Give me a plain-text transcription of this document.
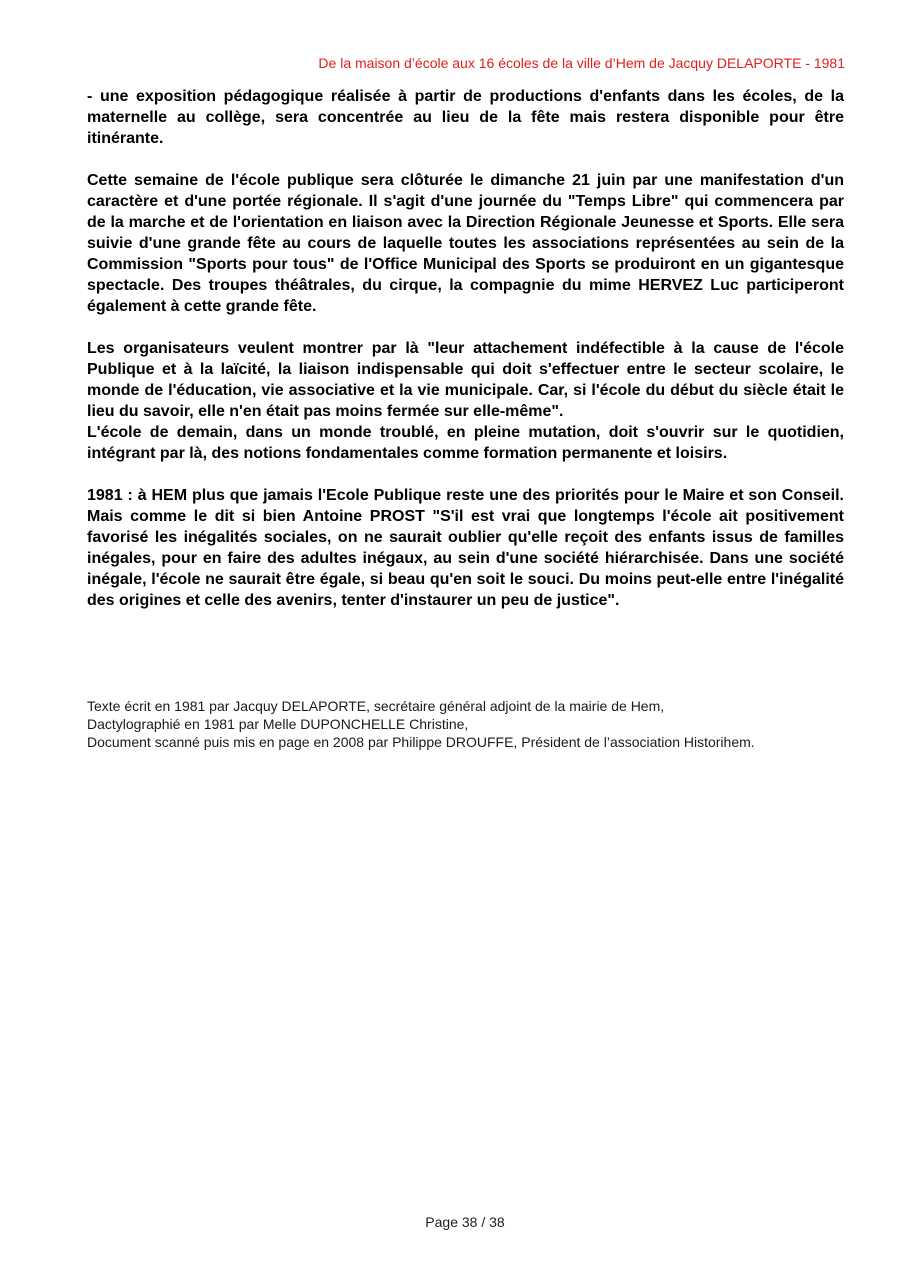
De la maison d’école aux 16 écoles de la ville d’Hem de Jacquy DELAPORTE - 1981

- une exposition pédagogique réalisée à partir de productions d'enfants dans les écoles, de la maternelle au collège, sera concentrée au lieu de la fête mais restera disponible pour être itinérante.

Cette semaine de l'école publique sera clôturée le dimanche 21 juin par une manifestation d'un caractère et d'une portée régionale. Il s'agit d'une journée du "Temps Libre" qui commencera par de la marche et de l'orientation en liaison avec la Direction Régionale Jeunesse et Sports. Elle sera suivie d'une grande fête au cours de laquelle toutes les associations représentées au sein de la Commission "Sports pour tous" de l'Office Municipal des Sports se produiront en un gigantesque spectacle. Des troupes théâtrales, du cirque, la compagnie du mime HERVEZ Luc participeront également à cette grande fête.

Les organisateurs veulent montrer par là "leur attachement indéfectible à la cause de l'école Publique et à la laïcité, la liaison indispensable qui doit s'effectuer entre le secteur scolaire, le monde de l'éducation, vie associative et la vie municipale. Car, si l'école du début du siècle était le lieu du savoir, elle n'en était pas moins fermée sur elle-même".

L'école de demain, dans un monde troublé, en pleine mutation, doit s'ouvrir sur le quotidien, intégrant par là, des notions fondamentales comme formation permanente et loisirs.

1981 : à HEM plus que jamais l'Ecole Publique reste une des priorités pour le Maire et son Conseil. Mais comme le dit si bien Antoine PROST "S'il est vrai que longtemps l'école ait positivement favorisé les inégalités sociales, on ne saurait oublier qu'elle reçoit des enfants issus de familles inégales, pour en faire des adultes inégaux, au sein d'une société hiérarchisée. Dans une société inégale, l'école ne saurait être égale, si beau qu'en soit le souci. Du moins peut-elle entre l'inégalité des origines et celle des avenirs, tenter d'instaurer un peu de justice".

Texte écrit en 1981 par Jacquy DELAPORTE, secrétaire général adjoint de la mairie de Hem,
Dactylographié en 1981 par Melle DUPONCHELLE Christine,
Document scanné puis mis en page en 2008 par Philippe DROUFFE, Président de l’association Historihem.
Page 38 / 38
